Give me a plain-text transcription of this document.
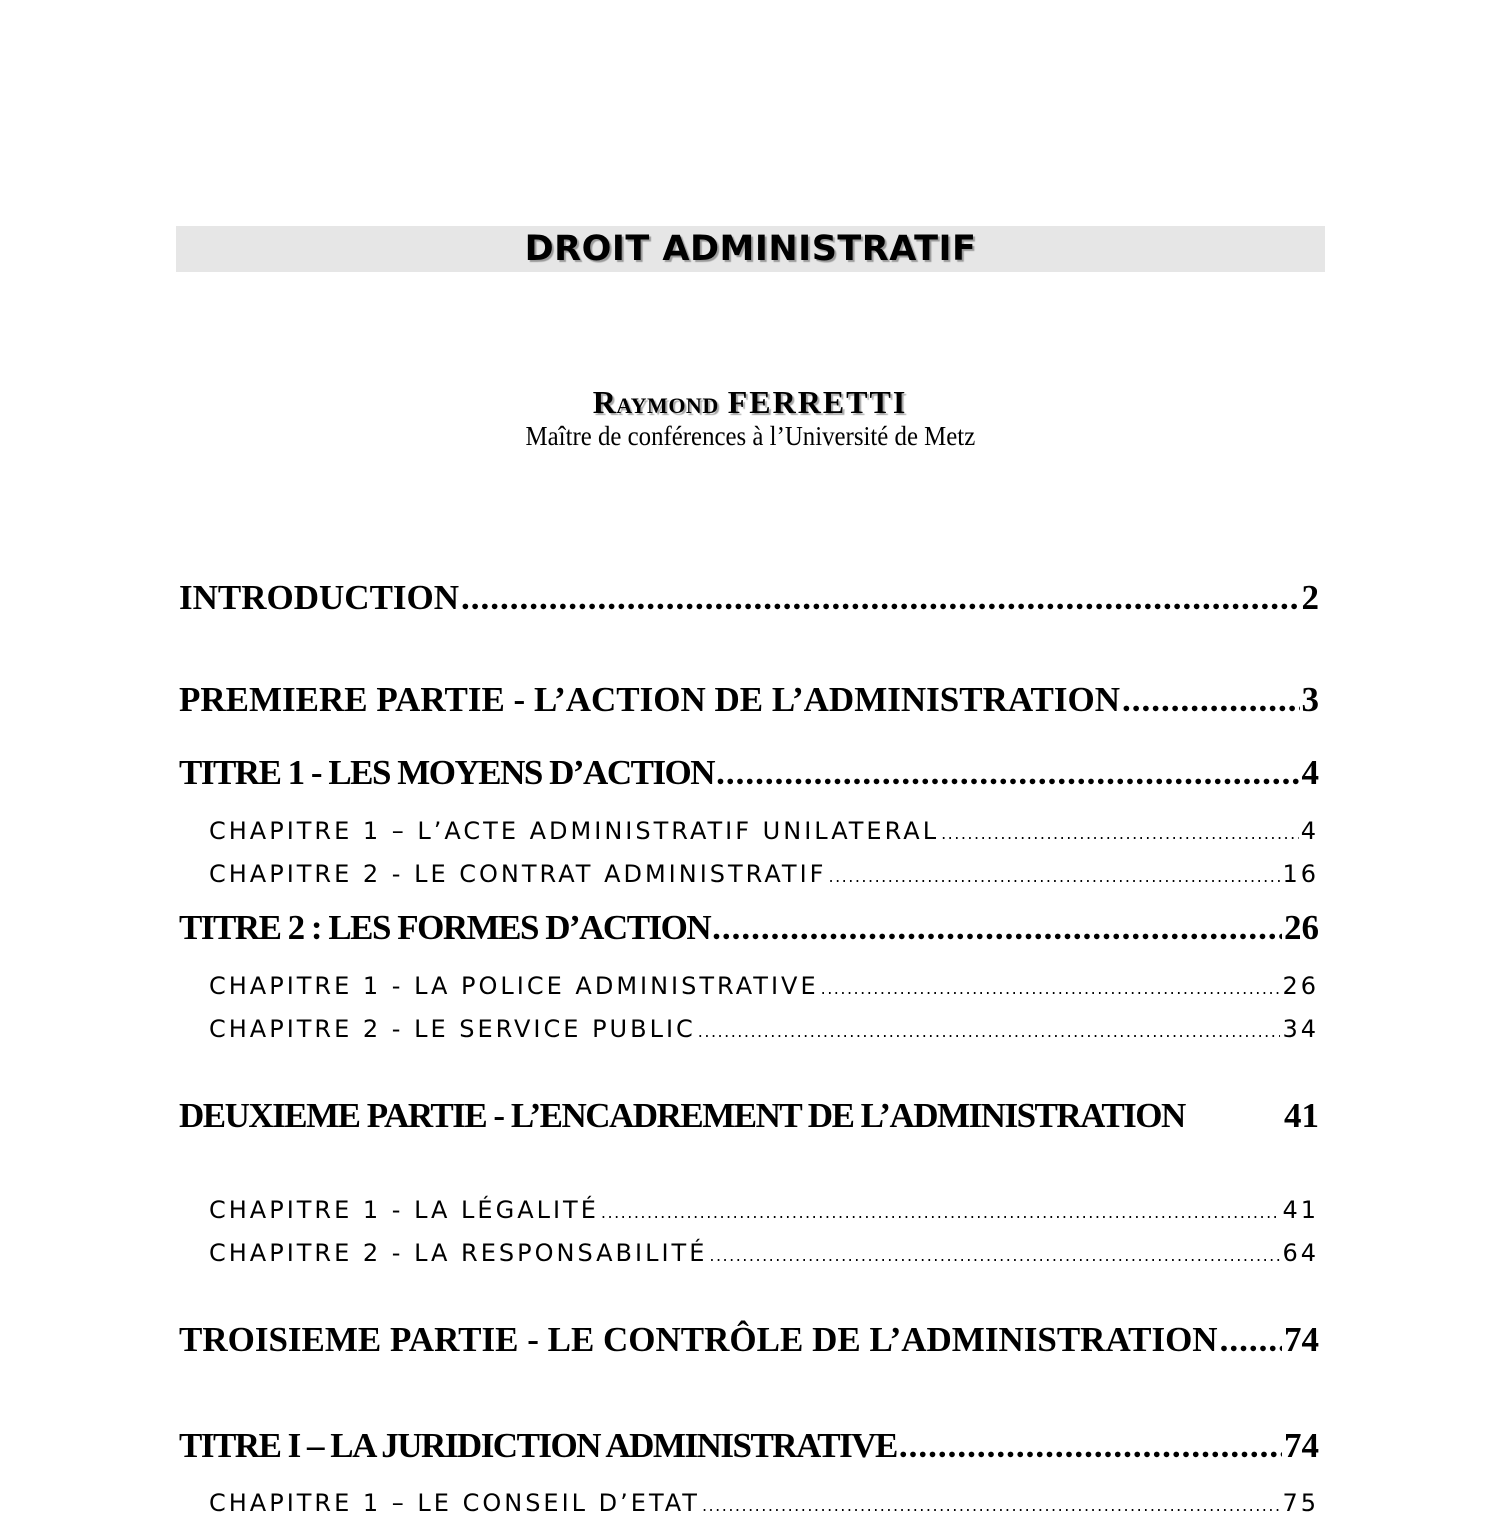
DROIT ADMINISTRATIF
Raymond FERRETTI
Maître de conférences à l’Université de Metz
INTRODUCTION .....	2
PREMIERE PARTIE - L’ACTION DE L’ADMINISTRATION .....	3
TITRE 1 - LES MOYENS D’ACTION .....	4
CHAPITRE 1 – L’ACTE ADMINISTRATIF UNILATERAL .....	4
CHAPITRE 2 - LE CONTRAT ADMINISTRATIF .....	16
TITRE 2 : LES FORMES D’ACTION .....	26
CHAPITRE 1 - LA POLICE ADMINISTRATIVE .....	26
CHAPITRE 2 - LE SERVICE PUBLIC .....	34
DEUXIEME PARTIE - L’ENCADREMENT DE L’ADMINISTRATION	41
CHAPITRE 1 - LA LÉGALITÉ .....	41
CHAPITRE 2 - LA RESPONSABILITÉ .....	64
TROISIEME PARTIE - LE CONTRÔLE DE L’ADMINISTRATION ..... 74
TITRE I – LA JURIDICTION ADMINISTRATIVE .....	74
CHAPITRE 1 – LE CONSEIL D’ETAT .....	75
